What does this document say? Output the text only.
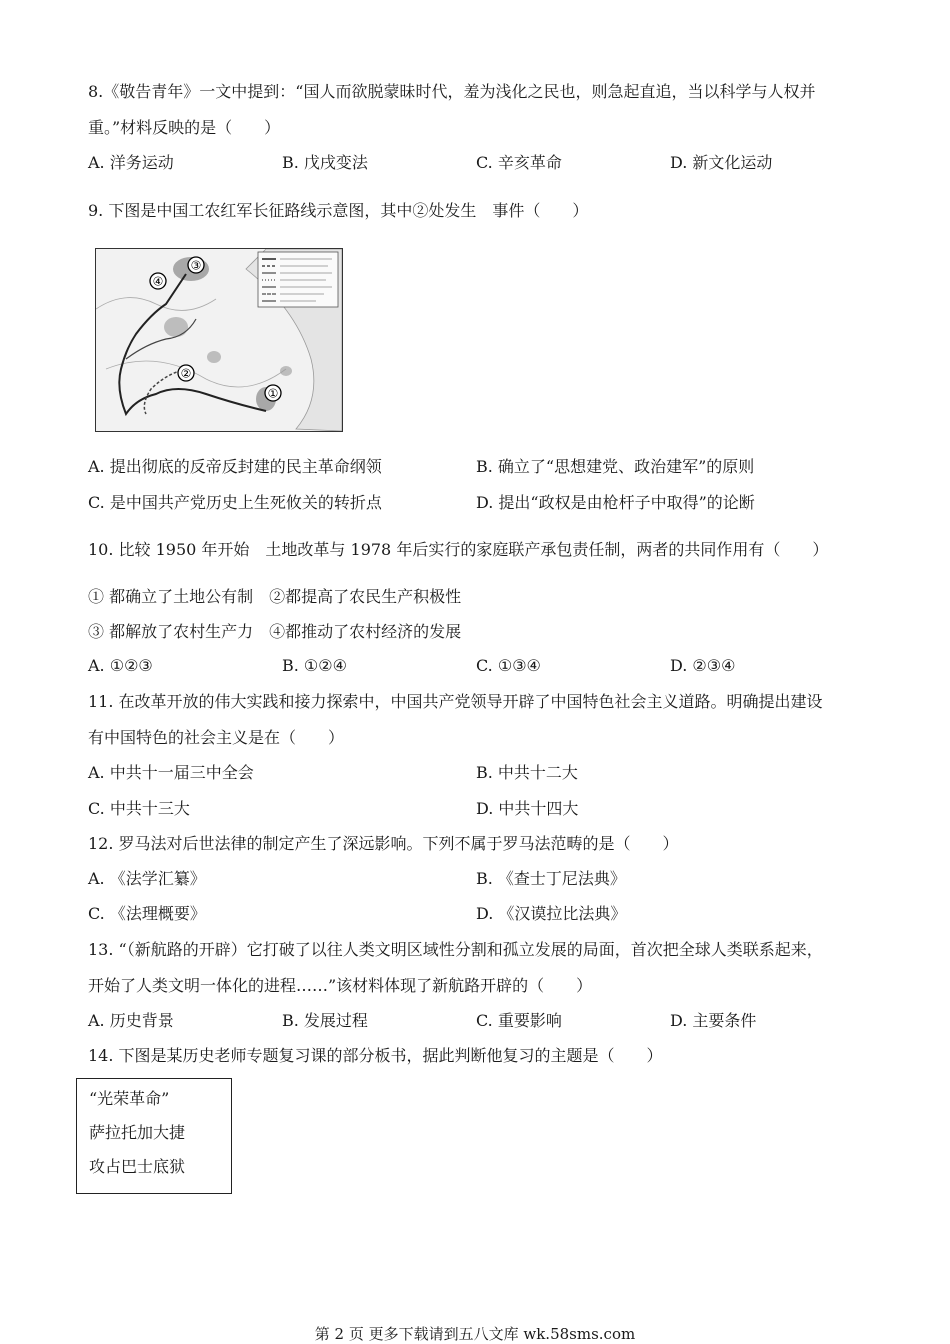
8.《敬告青年》一文中提到：“国人而欲脱蒙昧时代，羞为浅化之民也，则急起直追，当以科学与人权并
重。”材料反映的是（　　）
A. 洋务运动	B. 戊戌变法	C. 辛亥革命	D. 新文化运动
9. 下图是中国工农红军长征路线示意图，其中②处发生　事件（　　）
④
③
②
①
A. 提出彻底的反帝反封建的民主革命纲领	B. 确立了“思想建党、政治建军”的原则
C. 是中国共产党历史上生死攸关的转折点	D. 提出“政权是由枪杆子中取得”的论断
10. 比较 1950 年开始　土地改革与 1978 年后实行的家庭联产承包责任制，两者的共同作用有（　　）
① 都确立了土地公有制　②都提高了农民生产积极性
③ 都解放了农村生产力　④都推动了农村经济的发展
A. ①②③	B. ①②④	C. ①③④	D. ②③④
11. 在改革开放的伟大实践和接力探索中，中国共产党领导开辟了中国特色社会主义道路。明确提出建设
有中国特色的社会主义是在（　　）
A. 中共十一届三中全会	B. 中共十二大
C. 中共十三大	D. 中共十四大
12. 罗马法对后世法律的制定产生了深远影响。下列不属于罗马法范畴的是（　　）
A. 《法学汇纂》	B. 《查士丁尼法典》
C. 《法理概要》	D. 《汉谟拉比法典》
13. “（新航路的开辟）它打破了以往人类文明区域性分割和孤立发展的局面，首次把全球人类联系起来，
开始了人类文明一体化的进程……”该材料体现了新航路开辟的（　　）
A. 历史背景	B. 发展过程	C. 重要影响	D. 主要条件
14. 下图是某历史老师专题复习课的部分板书，据此判断他复习的主题是（　　）
“光荣革命”
萨拉托加大捷
攻占巴士底狱
第 2 页 更多下载请到五八文库 wk.58sms.com
